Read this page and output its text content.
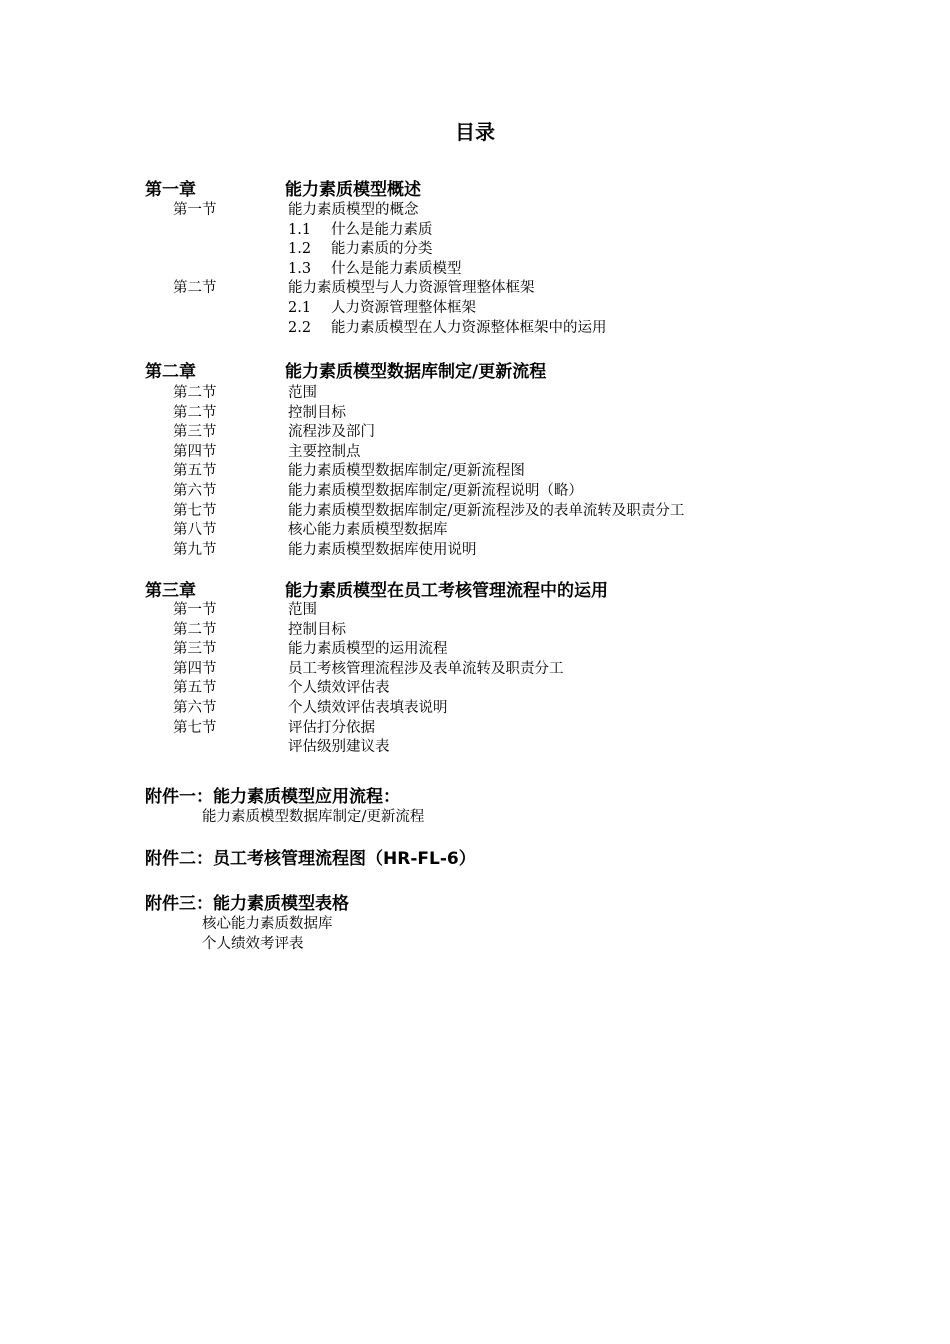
目录
第一章	能力素质模型概述
第一节	能力素质模型的概念
1.1 什么是能力素质
1.2 能力素质的分类
1.3 什么是能力素质模型
第二节	能力素质模型与人力资源管理整体框架
2.1 人力资源管理整体框架
2.2 能力素质模型在人力资源整体框架中的运用
第二章	能力素质模型数据库制定/更新流程
第二节	范围
第二节	控制目标
第三节	流程涉及部门
第四节	主要控制点
第五节	能力素质模型数据库制定/更新流程图
第六节	能力素质模型数据库制定/更新流程说明（略）
第七节	能力素质模型数据库制定/更新流程涉及的表单流转及职责分工
第八节	核心能力素质模型数据库
第九节	能力素质模型数据库使用说明
第三章	能力素质模型在员工考核管理流程中的运用
第一节	范围
第二节	控制目标
第三节	能力素质模型的运用流程
第四节	员工考核管理流程涉及表单流转及职责分工
第五节	个人绩效评估表
第六节	个人绩效评估表填表说明
第七节	评估打分依据
评估级别建议表
附件一：能力素质模型应用流程：
能力素质模型数据库制定/更新流程
附件二：员工考核管理流程图（HR-FL-6）
附件三：能力素质模型表格
核心能力素质数据库
个人绩效考评表
